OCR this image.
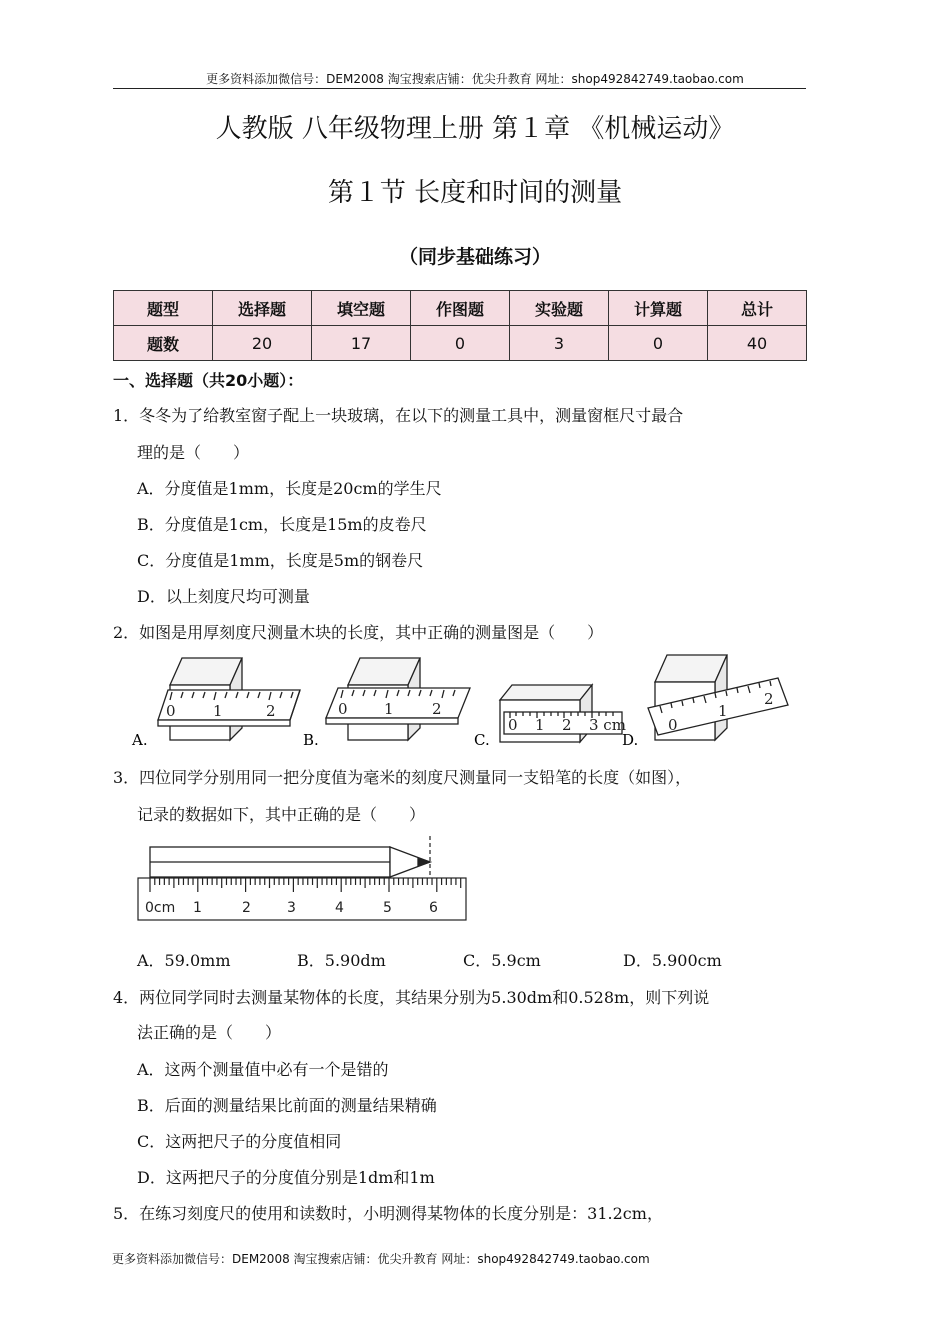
更多资料添加微信号：DEM2008 淘宝搜索店铺：优尖升教育 网址：shop492842749.taobao.com
人教版 八年级物理上册 第１章 《机械运动》
第１节 长度和时间的测量
（同步基础练习）
题型	选择题	填空题	作图题	实验题	计算题	总计
题数	20	17	0	3	0	40
一、选择题（共20小题）：
1．冬冬为了给教室窗子配上一块玻璃，在以下的测量工具中，测量窗框尺寸最合
理的是（　　）
A．分度值是1mm，长度是20cm的学生尺
B．分度值是1cm，长度是15m的皮卷尺
C．分度值是1mm，长度是5m的钢卷尺
D．以上刻度尺均可测量
2．如图是用厚刻度尺测量木块的长度，其中正确的测量图是（　　）
0 1	2
A.
0 1	2
B.
0 1 2 3 cm
C.
0
1
2
D.
3．四位同学分别用同一把分度值为毫米的刻度尺测量同一支铅笔的长度（如图），
记录的数据如下，其中正确的是（　　）
0cm 1	2	3	4	5	6
A．59.0mm	B．5.90dm	C．5.9cm	D．5.900cm
4．两位同学同时去测量某物体的长度，其结果分别为5.30dm和0.528m，则下列说
法正确的是（　　）
A．这两个测量值中必有一个是错的
B．后面的测量结果比前面的测量结果精确
C．这两把尺子的分度值相同
D．这两把尺子的分度值分别是1dm和1m
5．在练习刻度尺的使用和读数时，小明测得某物体的长度分别是：31.2cm，
更多资料添加微信号：DEM2008 淘宝搜索店铺：优尖升教育 网址：shop492842749.taobao.com
